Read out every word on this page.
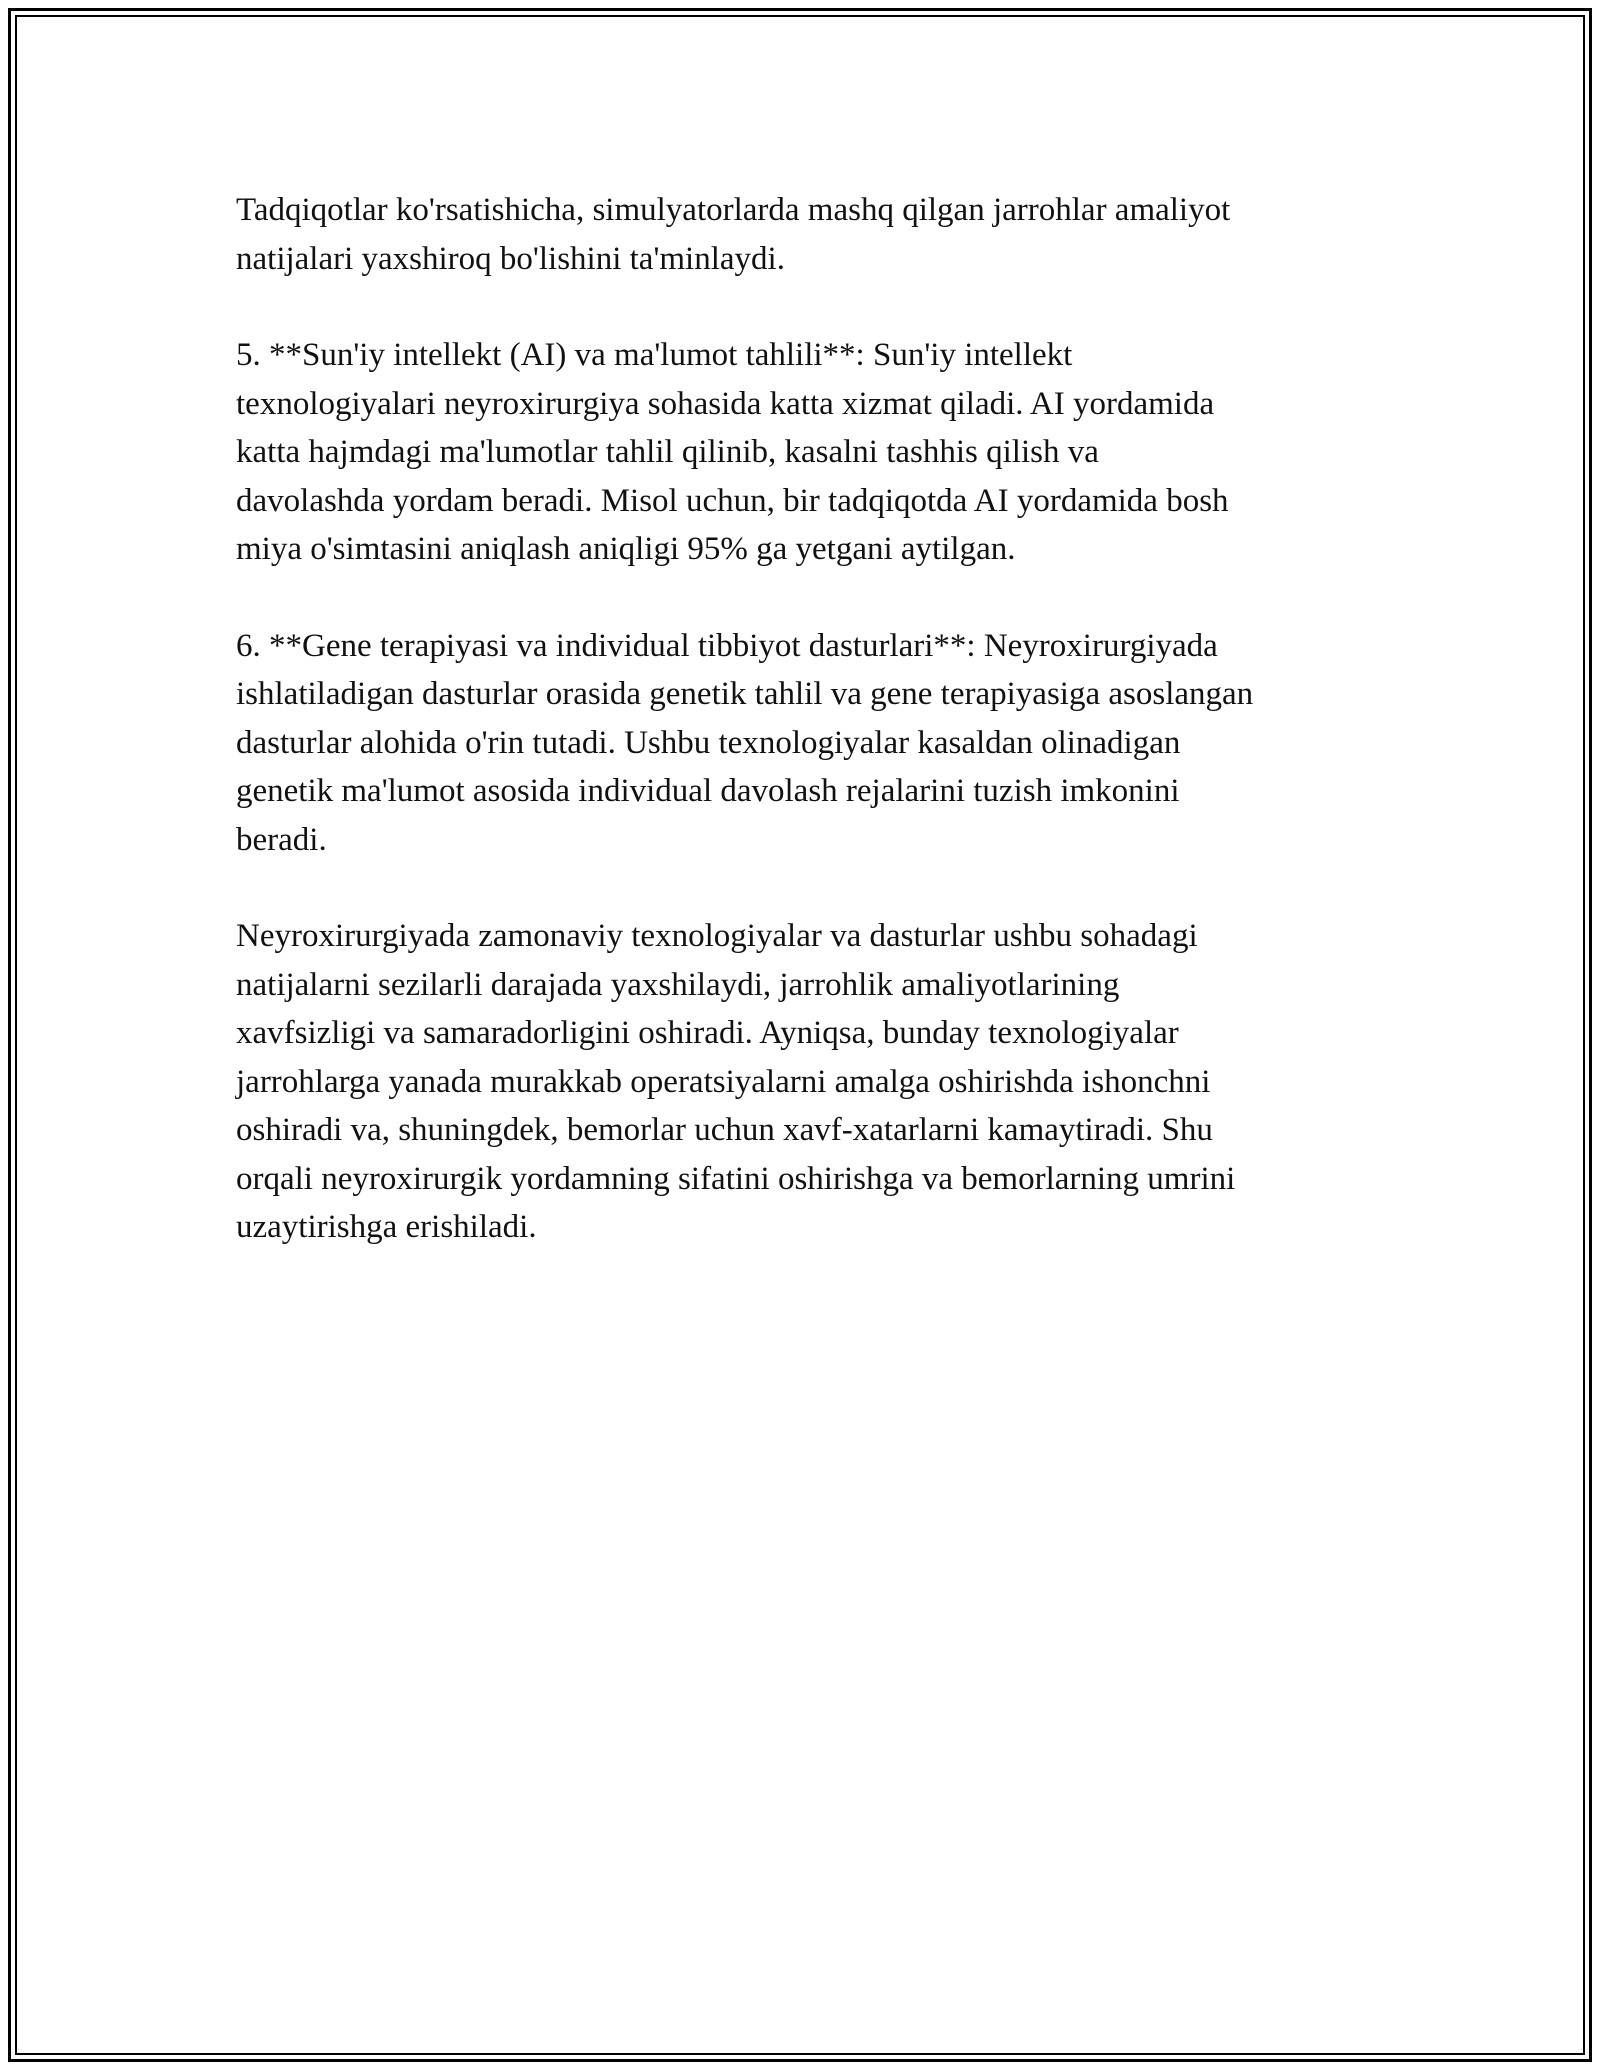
Tadqiqotlar ko'rsatishicha, simulyatorlarda mashq qilgan jarrohlar amaliyot
natijalari yaxshiroq bo'lishini ta'minlaydi.

5. **Sun'iy intellekt (AI) va ma'lumot tahlili**: Sun'iy intellekt
texnologiyalari neyroxirurgiya sohasida katta xizmat qiladi. AI yordamida
katta hajmdagi ma'lumotlar tahlil qilinib, kasalni tashhis qilish va
davolashda yordam beradi. Misol uchun, bir tadqiqotda AI yordamida bosh
miya o'simtasini aniqlash aniqligi 95% ga yetgani aytilgan.

6. **Gene terapiyasi va individual tibbiyot dasturlari**: Neyroxirurgiyada
ishlatiladigan dasturlar orasida genetik tahlil va gene terapiyasiga asoslangan
dasturlar alohida o'rin tutadi. Ushbu texnologiyalar kasaldan olinadigan
genetik ma'lumot asosida individual davolash rejalarini tuzish imkonini
beradi.

Neyroxirurgiyada zamonaviy texnologiyalar va dasturlar ushbu sohadagi
natijalarni sezilarli darajada yaxshilaydi, jarrohlik amaliyotlarining
xavfsizligi va samaradorligini oshiradi. Ayniqsa, bunday texnologiyalar
jarrohlarga yanada murakkab operatsiyalarni amalga oshirishda ishonchni
oshiradi va, shuningdek, bemorlar uchun xavf-xatarlarni kamaytiradi. Shu
orqali neyroxirurgik yordamning sifatini oshirishga va bemorlarning umrini
uzaytirishga erishiladi.
